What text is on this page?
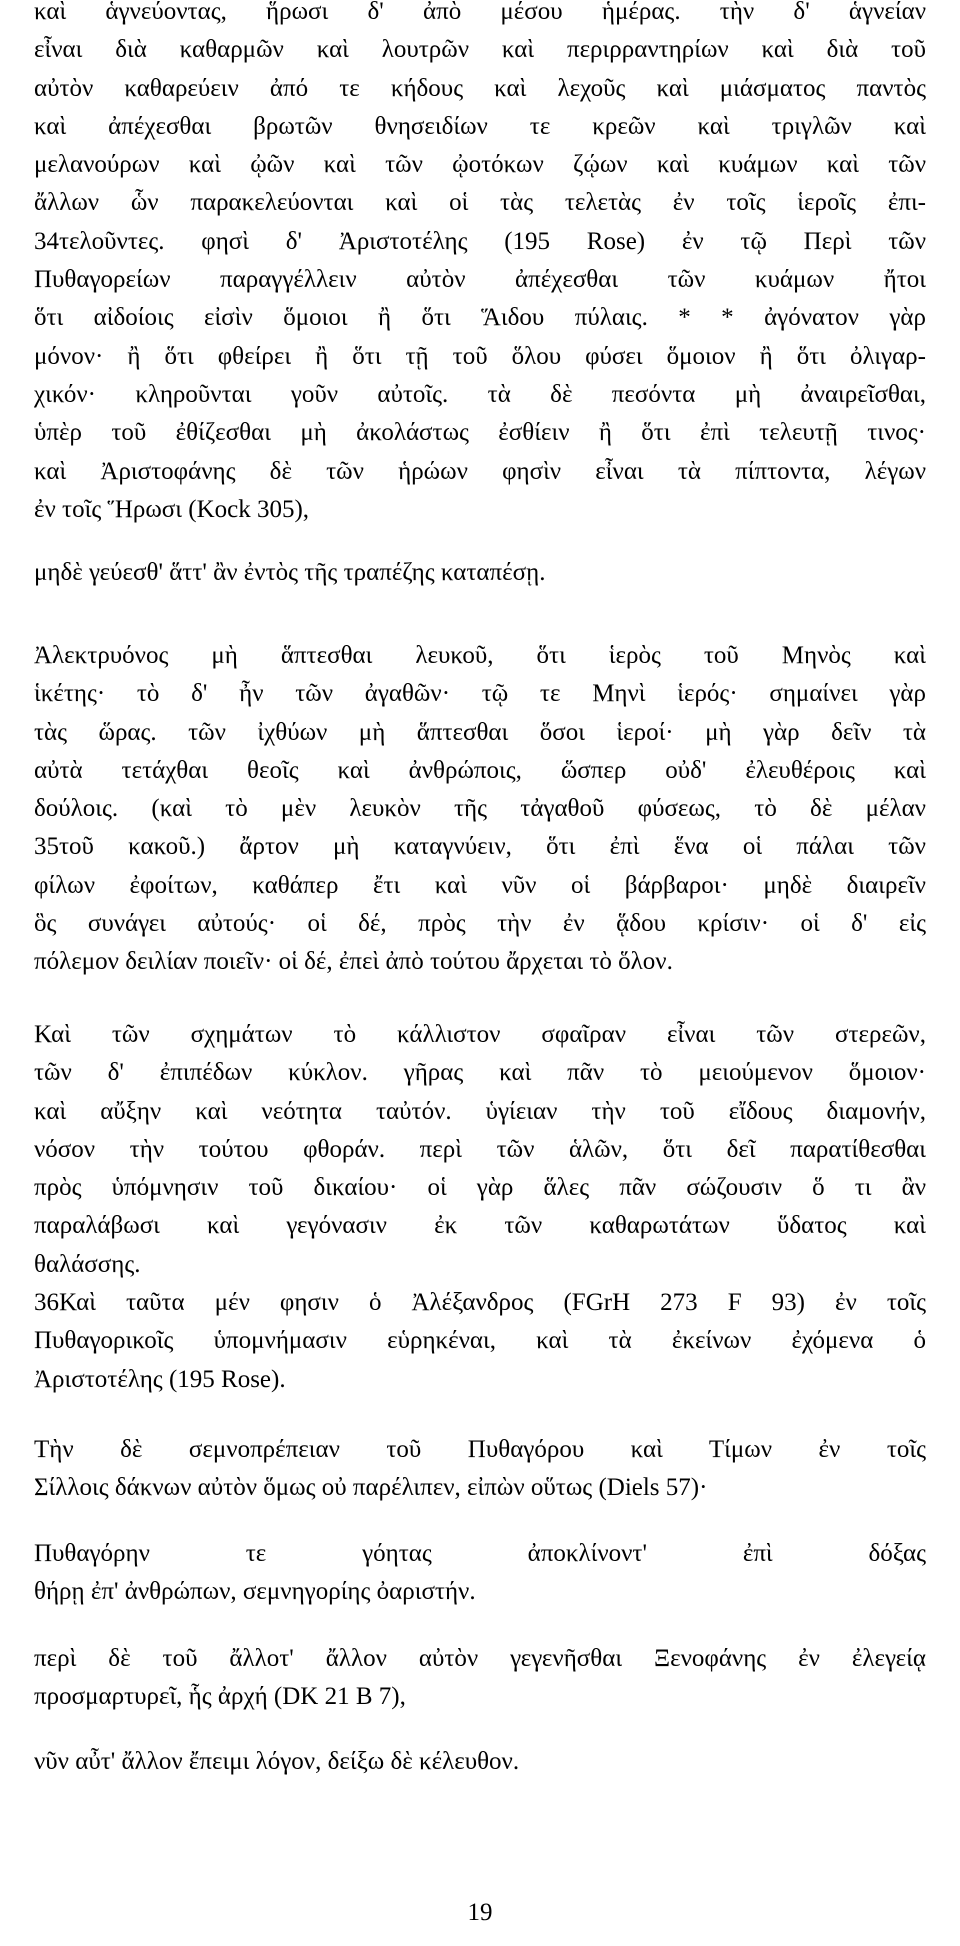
καὶ ἁγνεύοντας, ἥρωσι δ' ἀπὸ μέσου ἡμέρας. τὴν δ' ἁγνείαν
εἶναι διὰ καθαρμῶν καὶ λουτρῶν καὶ περιρραντηρίων καὶ διὰ τοῦ
αὐτὸν καθαρεύειν ἀπό τε κήδους καὶ λεχοῦς καὶ μιάσματος παντὸς
καὶ ἀπέχεσθαι βρωτῶν θνησειδίων τε κρεῶν καὶ τριγλῶν καὶ
μελανούρων καὶ ᾠῶν καὶ τῶν ᾠοτόκων ζῴων καὶ κυάμων καὶ τῶν
ἄλλων ὧν παρακελεύονται καὶ οἱ τὰς τελετὰς ἐν τοῖς ἱεροῖς ἐπι-
34τελοῦντες. φησὶ δ' Ἀριστοτέλης (195 Rose) ἐν τῷ Περὶ τῶν
Πυθαγορείων παραγγέλλειν αὐτὸν ἀπέχεσθαι τῶν κυάμων ἤτοι
ὅτι αἰδοίοις εἰσὶν ὅμοιοι ἢ ὅτι Ἅιδου πύλαις. * * ἀγόνατον γὰρ
μόνον· ἢ ὅτι φθείρει ἢ ὅτι τῇ τοῦ ὅλου φύσει ὅμοιον ἢ ὅτι ὀλιγαρ-
χικόν· κληροῦνται γοῦν αὐτοῖς. τὰ δὲ πεσόντα μὴ ἀναιρεῖσθαι,
ὑπὲρ τοῦ ἐθίζεσθαι μὴ ἀκολάστως ἐσθίειν ἢ ὅτι ἐπὶ τελευτῇ τινος·
καὶ Ἀριστοφάνης δὲ τῶν ἡρώων φησὶν εἶναι τὰ πίπτοντα, λέγων
ἐν τοῖς Ἥρωσι (Kock 305),
μηδὲ γεύεσθ' ἅττ' ἂν ἐντὸς τῆς τραπέζης καταπέσῃ.
Ἀλεκτρυόνος μὴ ἅπτεσθαι λευκοῦ, ὅτι ἱερὸς τοῦ Μηνὸς καὶ
ἱκέτης· τὸ δ' ἦν τῶν ἀγαθῶν· τῷ τε Μηνὶ ἱερός· σημαίνει γὰρ
τὰς ὥρας. τῶν ἰχθύων μὴ ἅπτεσθαι ὅσοι ἱεροί· μὴ γὰρ δεῖν τὰ
αὐτὰ τετάχθαι θεοῖς καὶ ἀνθρώποις, ὥσπερ οὐδ' ἐλευθέροις καὶ
δούλοις. (καὶ τὸ μὲν λευκὸν τῆς τἀγαθοῦ φύσεως, τὸ δὲ μέλαν
35τοῦ κακοῦ.) ἄρτον μὴ καταγνύειν, ὅτι ἐπὶ ἕνα οἱ πάλαι τῶν
φίλων ἐφοίτων, καθάπερ ἔτι καὶ νῦν οἱ βάρβαροι· μηδὲ διαιρεῖν
ὃς συνάγει αὐτούς· οἱ δέ, πρὸς τὴν ἐν ᾅδου κρίσιν· οἱ δ' εἰς
πόλεμον δειλίαν ποιεῖν· οἱ δέ, ἐπεὶ ἀπὸ τούτου ἄρχεται τὸ ὅλον.
Καὶ τῶν σχημάτων τὸ κάλλιστον σφαῖραν εἶναι τῶν στερεῶν,
τῶν δ' ἐπιπέδων κύκλον. γῆρας καὶ πᾶν τὸ μειούμενον ὅμοιον·
καὶ αὔξην καὶ νεότητα ταὐτόν. ὑγίειαν τὴν τοῦ εἴδους διαμονήν,
νόσον τὴν τούτου φθοράν. περὶ τῶν ἁλῶν, ὅτι δεῖ παρατίθεσθαι
πρὸς ὑπόμνησιν τοῦ δικαίου· οἱ γὰρ ἅλες πᾶν σώζουσιν ὅ τι ἂν
παραλάβωσι καὶ γεγόνασιν ἐκ τῶν καθαρωτάτων ὕδατος καὶ
θαλάσσης.
36Καὶ ταῦτα μέν φησιν ὁ Ἀλέξανδρος (FGrH 273 F 93) ἐν τοῖς
Πυθαγορικοῖς ὑπομνήμασιν εὑρηκέναι, καὶ τὰ ἐκείνων ἐχόμενα ὁ
Ἀριστοτέλης (195 Rose).
Τὴν δὲ σεμνοπρέπειαν τοῦ Πυθαγόρου καὶ Τίμων ἐν τοῖς
Σίλλοις δάκνων αὐτὸν ὅμως οὐ παρέλιπεν, εἰπὼν οὕτως (Diels 57)·
Πυθαγόρην τε γόητας ἀποκλίνοντ' ἐπὶ δόξας
θήρῃ ἐπ' ἀνθρώπων, σεμνηγορίης ὀαριστήν.
περὶ δὲ τοῦ ἄλλοτ' ἄλλον αὐτὸν γεγενῆσθαι Ξενοφάνης ἐν ἐλεγείᾳ
προσμαρτυρεῖ, ἧς ἀρχή (DK 21 B 7),
νῦν αὖτ' ἄλλον ἔπειμι λόγον, δείξω δὲ κέλευθον.
19
